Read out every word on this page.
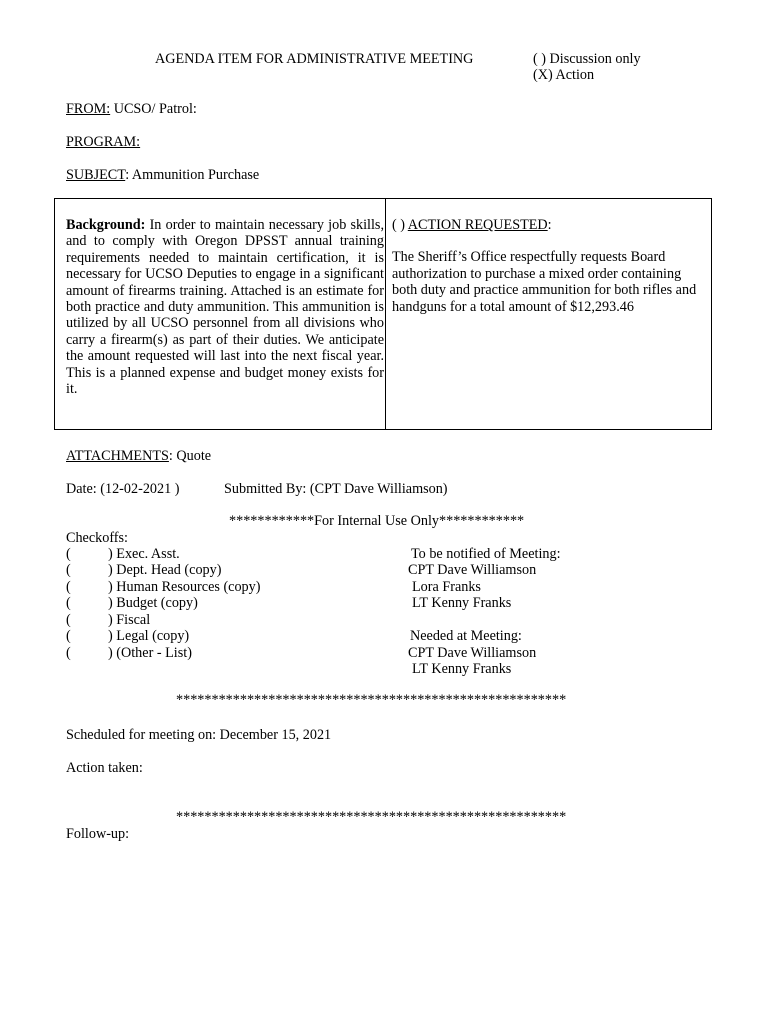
AGENDA ITEM FOR ADMINISTRATIVE MEETING	( ) Discussion only
(X) Action
FROM: UCSO/ Patrol:
PROGRAM:
SUBJECT: Ammunition Purchase
Background: In order to maintain necessary job skills, and to comply with Oregon DPSST annual training requirements needed to maintain certification, it is necessary for UCSO Deputies to engage in a significant amount of firearms training. Attached is an estimate for both practice and duty ammunition. This ammunition is utilized by all UCSO personnel from all divisions who carry a firearm(s) as part of their duties. We anticipate the amount requested will last into the next fiscal year. This is a planned expense and budget money exists for it.
( ) ACTION REQUESTED:
The Sheriff’s Office respectfully requests Board authorization to purchase a mixed order containing both duty and practice ammunition for both rifles and handguns for a total amount of $12,293.46
ATTACHMENTS: Quote
Date: (12-02-2021 )	Submitted By: (CPT Dave Williamson)
************For Internal Use Only************
Checkoffs:
(	) Exec. Asst.
(	) Dept. Head (copy)
(	) Human Resources (copy)
(	) Budget (copy)
(	) Fiscal
(	) Legal (copy)
(	) (Other - List)
To be notified of Meeting:
CPT Dave Williamson
Lora Franks
LT Kenny Franks
Needed at Meeting:
CPT Dave Williamson
LT Kenny Franks
*******************************************************
Scheduled for meeting on: December 15, 2021
Action taken:
*******************************************************
Follow-up:
